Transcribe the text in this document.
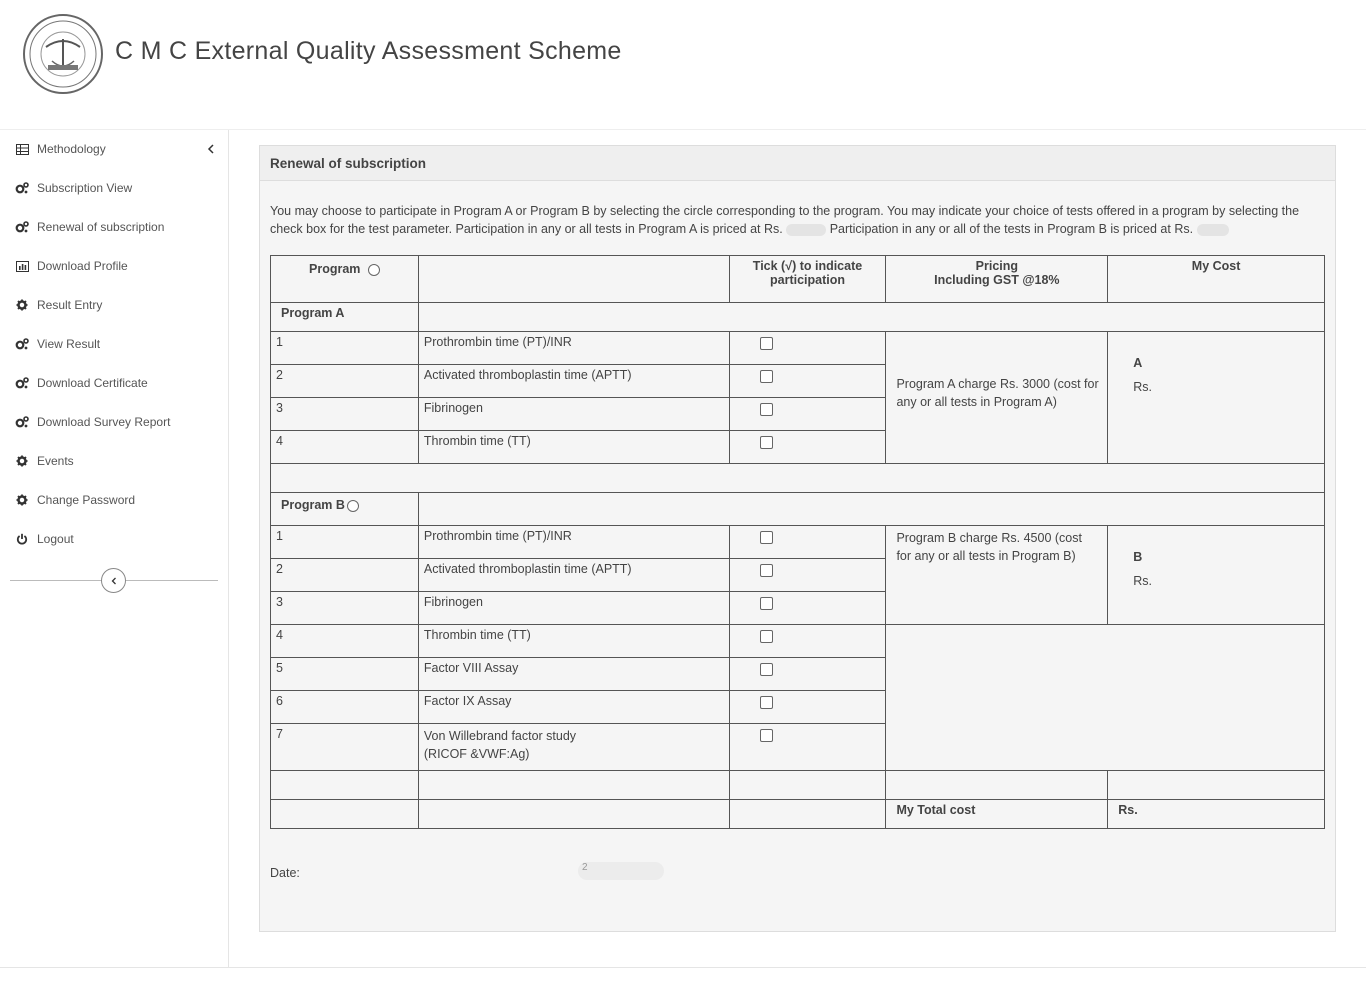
C M C External Quality Assessment Scheme
Methodology
Subscription View
Renewal of subscription
Download Profile
Result Entry
View Result
Download Certificate
Download Survey Report
Events
Change Password
Logout
Renewal of subscription
You may choose to participate in Program A or Program B by selecting the circle corresponding to the program. You may indicate your choice of tests offered in a program by selecting the check box for the test parameter. Participation in any or all tests in Program A is priced at Rs.	Participation in any or all of the tests in Program B is priced at Rs.
Program		Tick (√) to indicate participation	Pricing
Including GST @18%	My Cost
Program A				
1	Prothrombin time (PT)/INR		Program A charge Rs. 3000 (cost for any or all tests in Program A)	A
Rs.

2	Activated thromboplastin time (APTT)			

3	Fibrinogen			

4	Thrombin time (TT)			

Program B				
1	Prothrombin time (PT)/INR		Program B charge Rs. 4500 (cost for any or all tests in Program B)	B
Rs.

2	Activated thromboplastin time (APTT)			

3	Fibrinogen			

4	Thrombin time (TT)		

5	Factor VIII Assay			

6	Factor IX Assay			

7	Von Willebrand factor study
(RICOF &VWF:Ag)			

			My Total cost	Rs.
Date:	2
